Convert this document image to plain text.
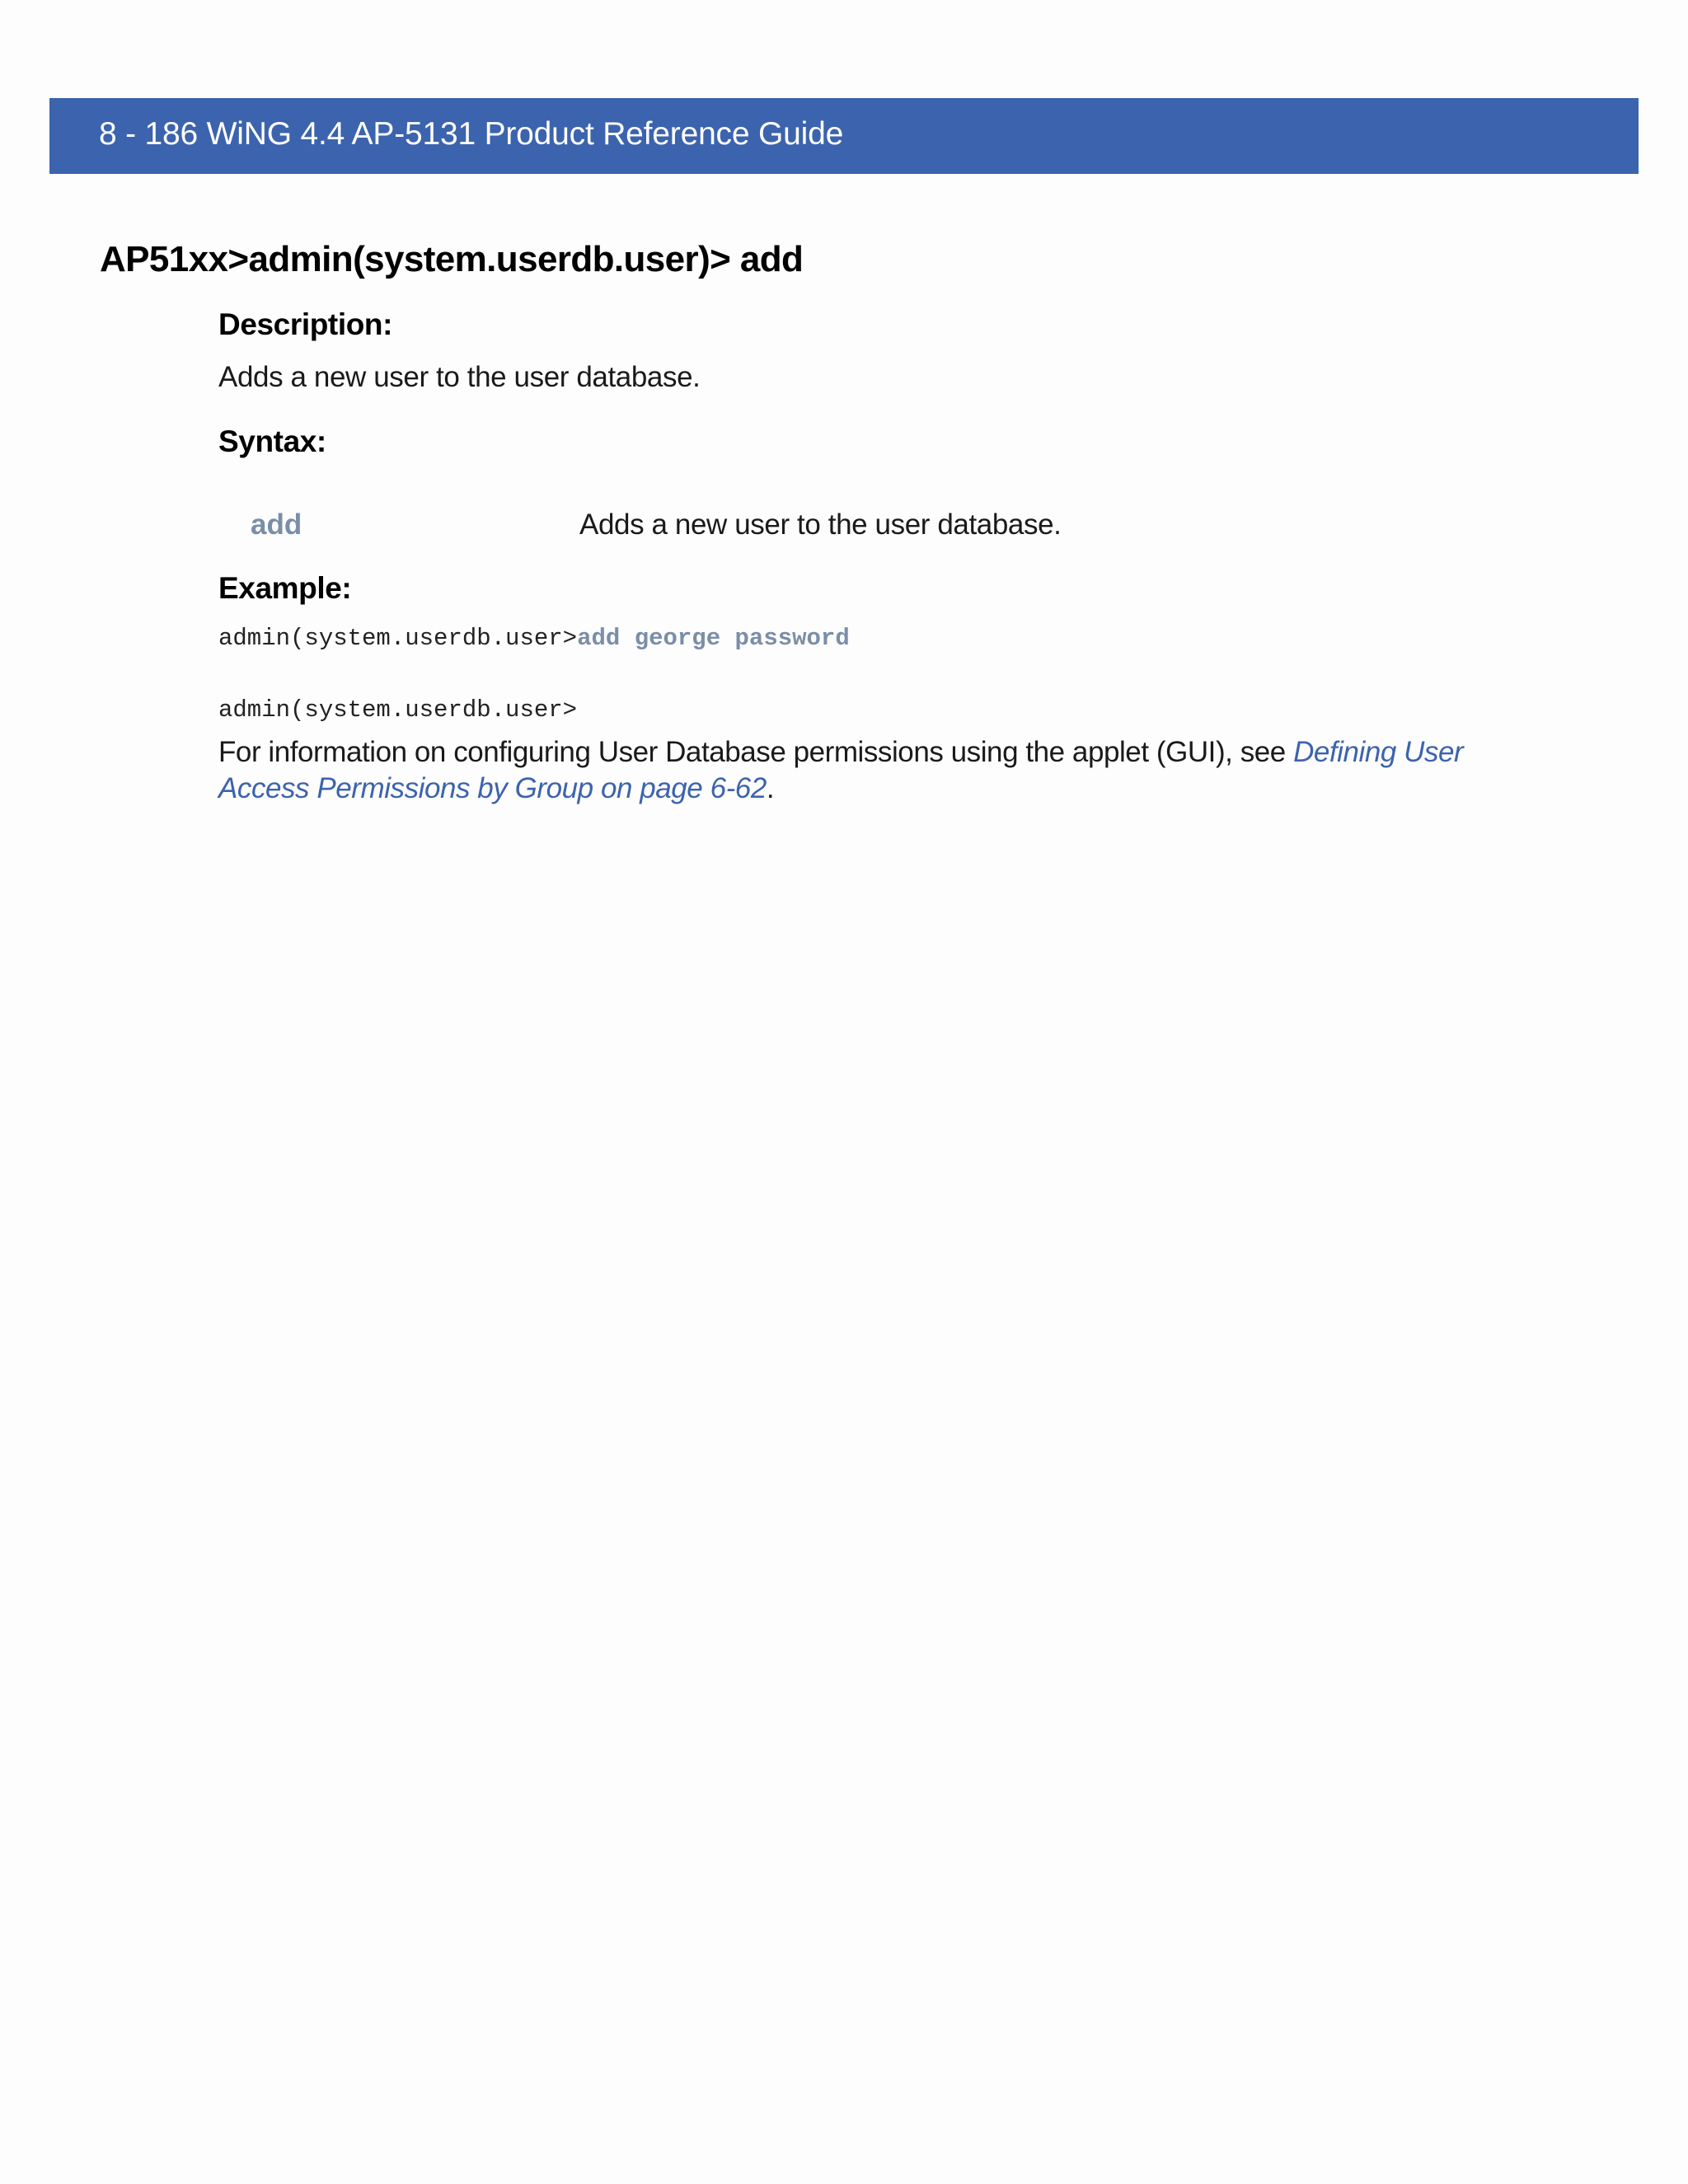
8 - 186 WiNG 4.4 AP-5131 Product Reference Guide
AP51xx>admin(system.userdb.user)> add
Description:
Adds a new user to the user database.
Syntax:
add	Adds a new user to the user database.
Example:
admin(system.userdb.user>add george password
admin(system.userdb.user>

For information on configuring User Database permissions using the applet (GUI), see Defining User Access Permissions by Group on page 6-62.
